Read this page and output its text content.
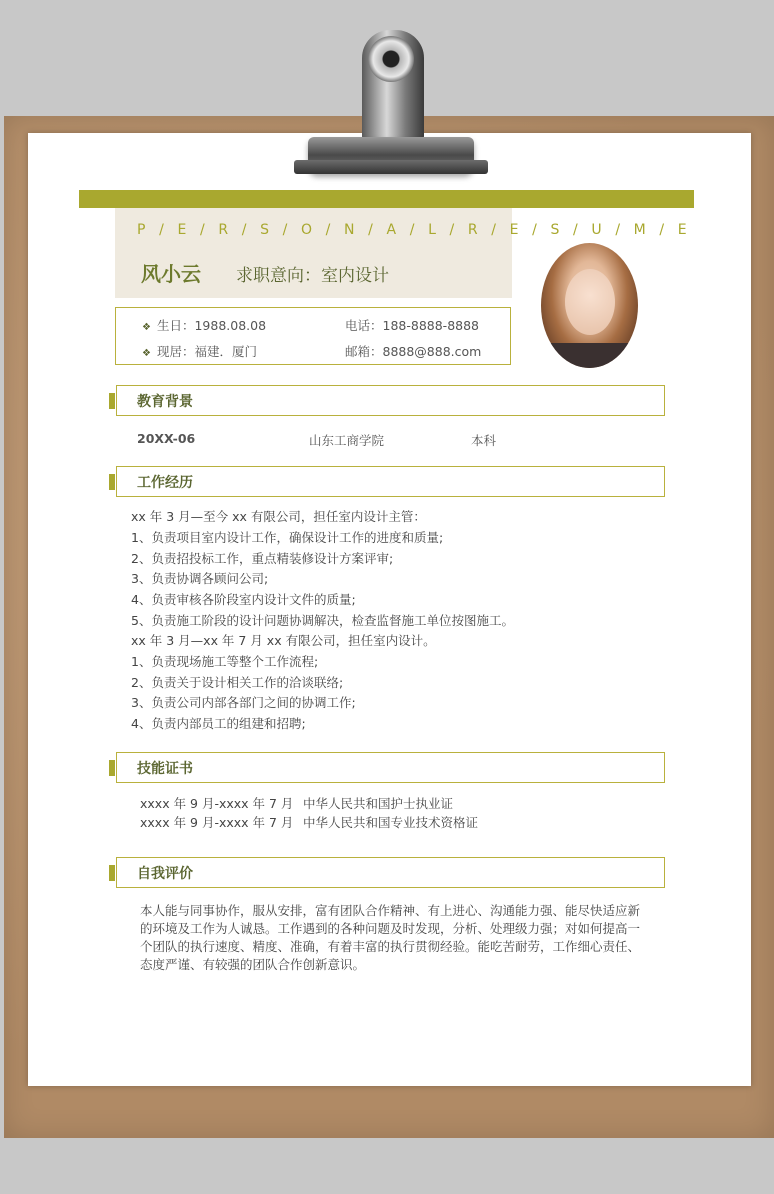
P / E / R / S / O / N / A / L / R / E / S / U / M / E
风小云 求职意向：室内设计
❖ 生日：1988.08.08	电话：188-8888-8888
❖ 现居：福建．厦门	邮箱：8888@888.com
教育背景
20XX-06	山东工商学院	本科
工作经历
xx 年 3 月—至今 xx 有限公司，担任室内设计主管：
1、负责项目室内设计工作，确保设计工作的进度和质量;
2、负责招投标工作，重点精装修设计方案评审;
3、负责协调各顾问公司;
4、负责审核各阶段室内设计文件的质量;
5、负责施工阶段的设计问题协调解决，检查监督施工单位按图施工。
xx 年 3 月—xx 年 7 月 xx 有限公司，担任室内设计。
1、负责现场施工等整个工作流程;
2、负责关于设计相关工作的洽谈联络;
3、负责公司内部各部门之间的协调工作;
4、负责内部员工的组建和招聘;
技能证书
xxxx 年 9 月-xxxx 年 7 月 中华人民共和国护士执业证
xxxx 年 9 月-xxxx 年 7 月 中华人民共和国专业技术资格证
自我评价
本人能与同事协作，服从安排，富有团队合作精神、有上进心、沟通能力强、能尽快适应新的环境及工作为人诚恳。工作遇到的各种问题及时发现，分析、处理级力强；对如何提高一个团队的执行速度、精度、准确，有着丰富的执行贯彻经验。能吃苦耐劳，工作细心责任、态度严谨、有较强的团队合作创新意识。
